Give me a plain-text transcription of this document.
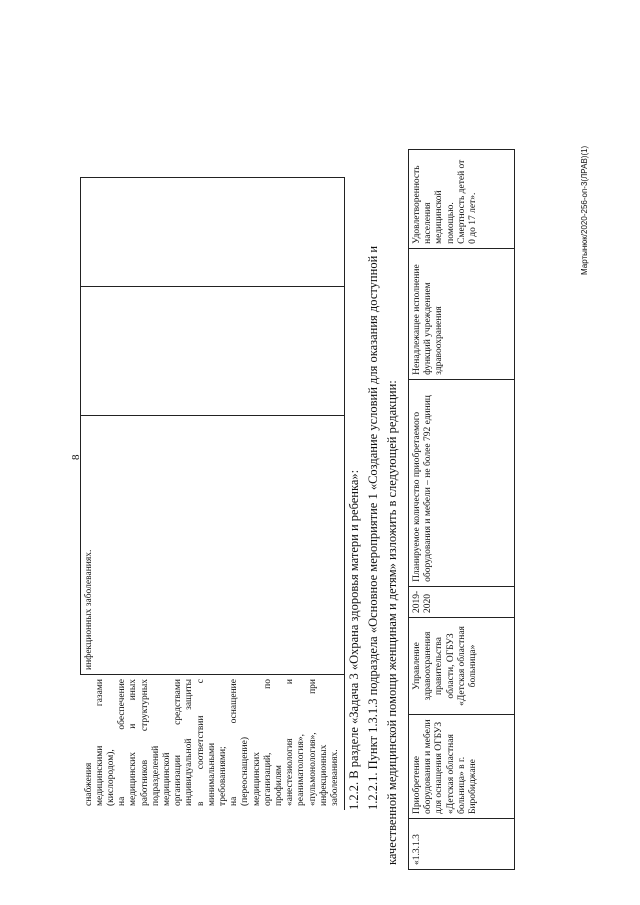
8
снабжения медицинскими газами (кислородом), на обеспечение медицинских и иных работников структурных подразделений медицинской организации средствами индивидуальной защиты в соответствии с минимальными требованиями; на оснащение (переоснащение) медицинских организаций, по профилям «анестезиология и реаниматология», «пульмонология», при инфекционных заболеваниях.
	инфекционных заболеваниях.			1.2.2. В разделе «Задача 3 «Охрана здоровья матери и ребенка»: 1.2.2.1. Пункт 1.3.1.3 подраздела «Основное мероприятие 1 «Создание условий для оказания доступной и качественной медицинской помощи женщинам и детям» изложить в следующей редакции: «1.3.1.3	Приобретение оборудования и мебели для оснащения ОГБУЗ «Детская областная больница» в г. Биробиджане	Управление здравоохранения правительства области, ОГБУЗ «Детская областная больница»	2019-2020	Планируемое количество приобретаемого оборудования и мебели – не более 792 единиц	Ненадлежащее исполнение функций учреждением здравоохранения	Удовлетворенность населения медицинской помощью. Смертность детей от 0 до 17 лет».	Мартынюк/2020-256-оп-3(ЛРАВ)(1)
